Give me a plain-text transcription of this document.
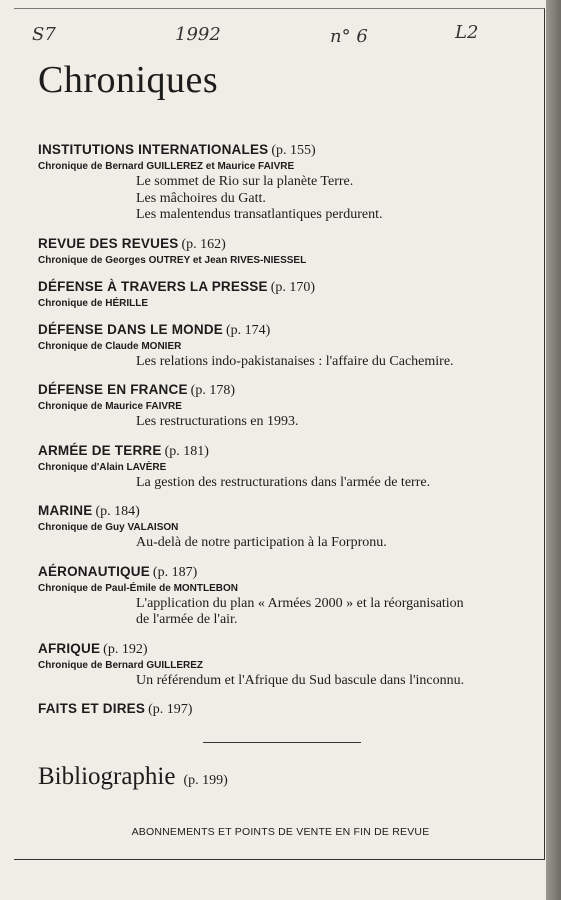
S7	1992	n° 6	L2
Chroniques
INSTITUTIONS INTERNATIONALES (p. 155)
Chronique de Bernard GUILLEREZ et Maurice FAIVRE
Le sommet de Rio sur la planète Terre.
Les mâchoires du Gatt.
Les malentendus transatlantiques perdurent.
REVUE DES REVUES (p. 162)
Chronique de Georges OUTREY et Jean RIVES-NIESSEL
DÉFENSE À TRAVERS LA PRESSE (p. 170)
Chronique de HÉRILLE
DÉFENSE DANS LE MONDE (p. 174)
Chronique de Claude MONIER
Les relations indo-pakistanaises : l'affaire du Cachemire.
DÉFENSE EN FRANCE (p. 178)
Chronique de Maurice FAIVRE
Les restructurations en 1993.
ARMÉE DE TERRE (p. 181)
Chronique d'Alain LAVÈRE
La gestion des restructurations dans l'armée de terre.
MARINE (p. 184)
Chronique de Guy VALAISON
Au-delà de notre participation à la Forpronu.
AÉRONAUTIQUE (p. 187)
Chronique de Paul-Émile de MONTLEBON
L'application du plan « Armées 2000 » et la réorganisation
de l'armée de l'air.
AFRIQUE (p. 192)
Chronique de Bernard GUILLEREZ
Un référendum et l'Afrique du Sud bascule dans l'inconnu.
FAITS ET DIRES (p. 197)
Bibliographie (p. 199)
ABONNEMENTS ET POINTS DE VENTE EN FIN DE REVUE
